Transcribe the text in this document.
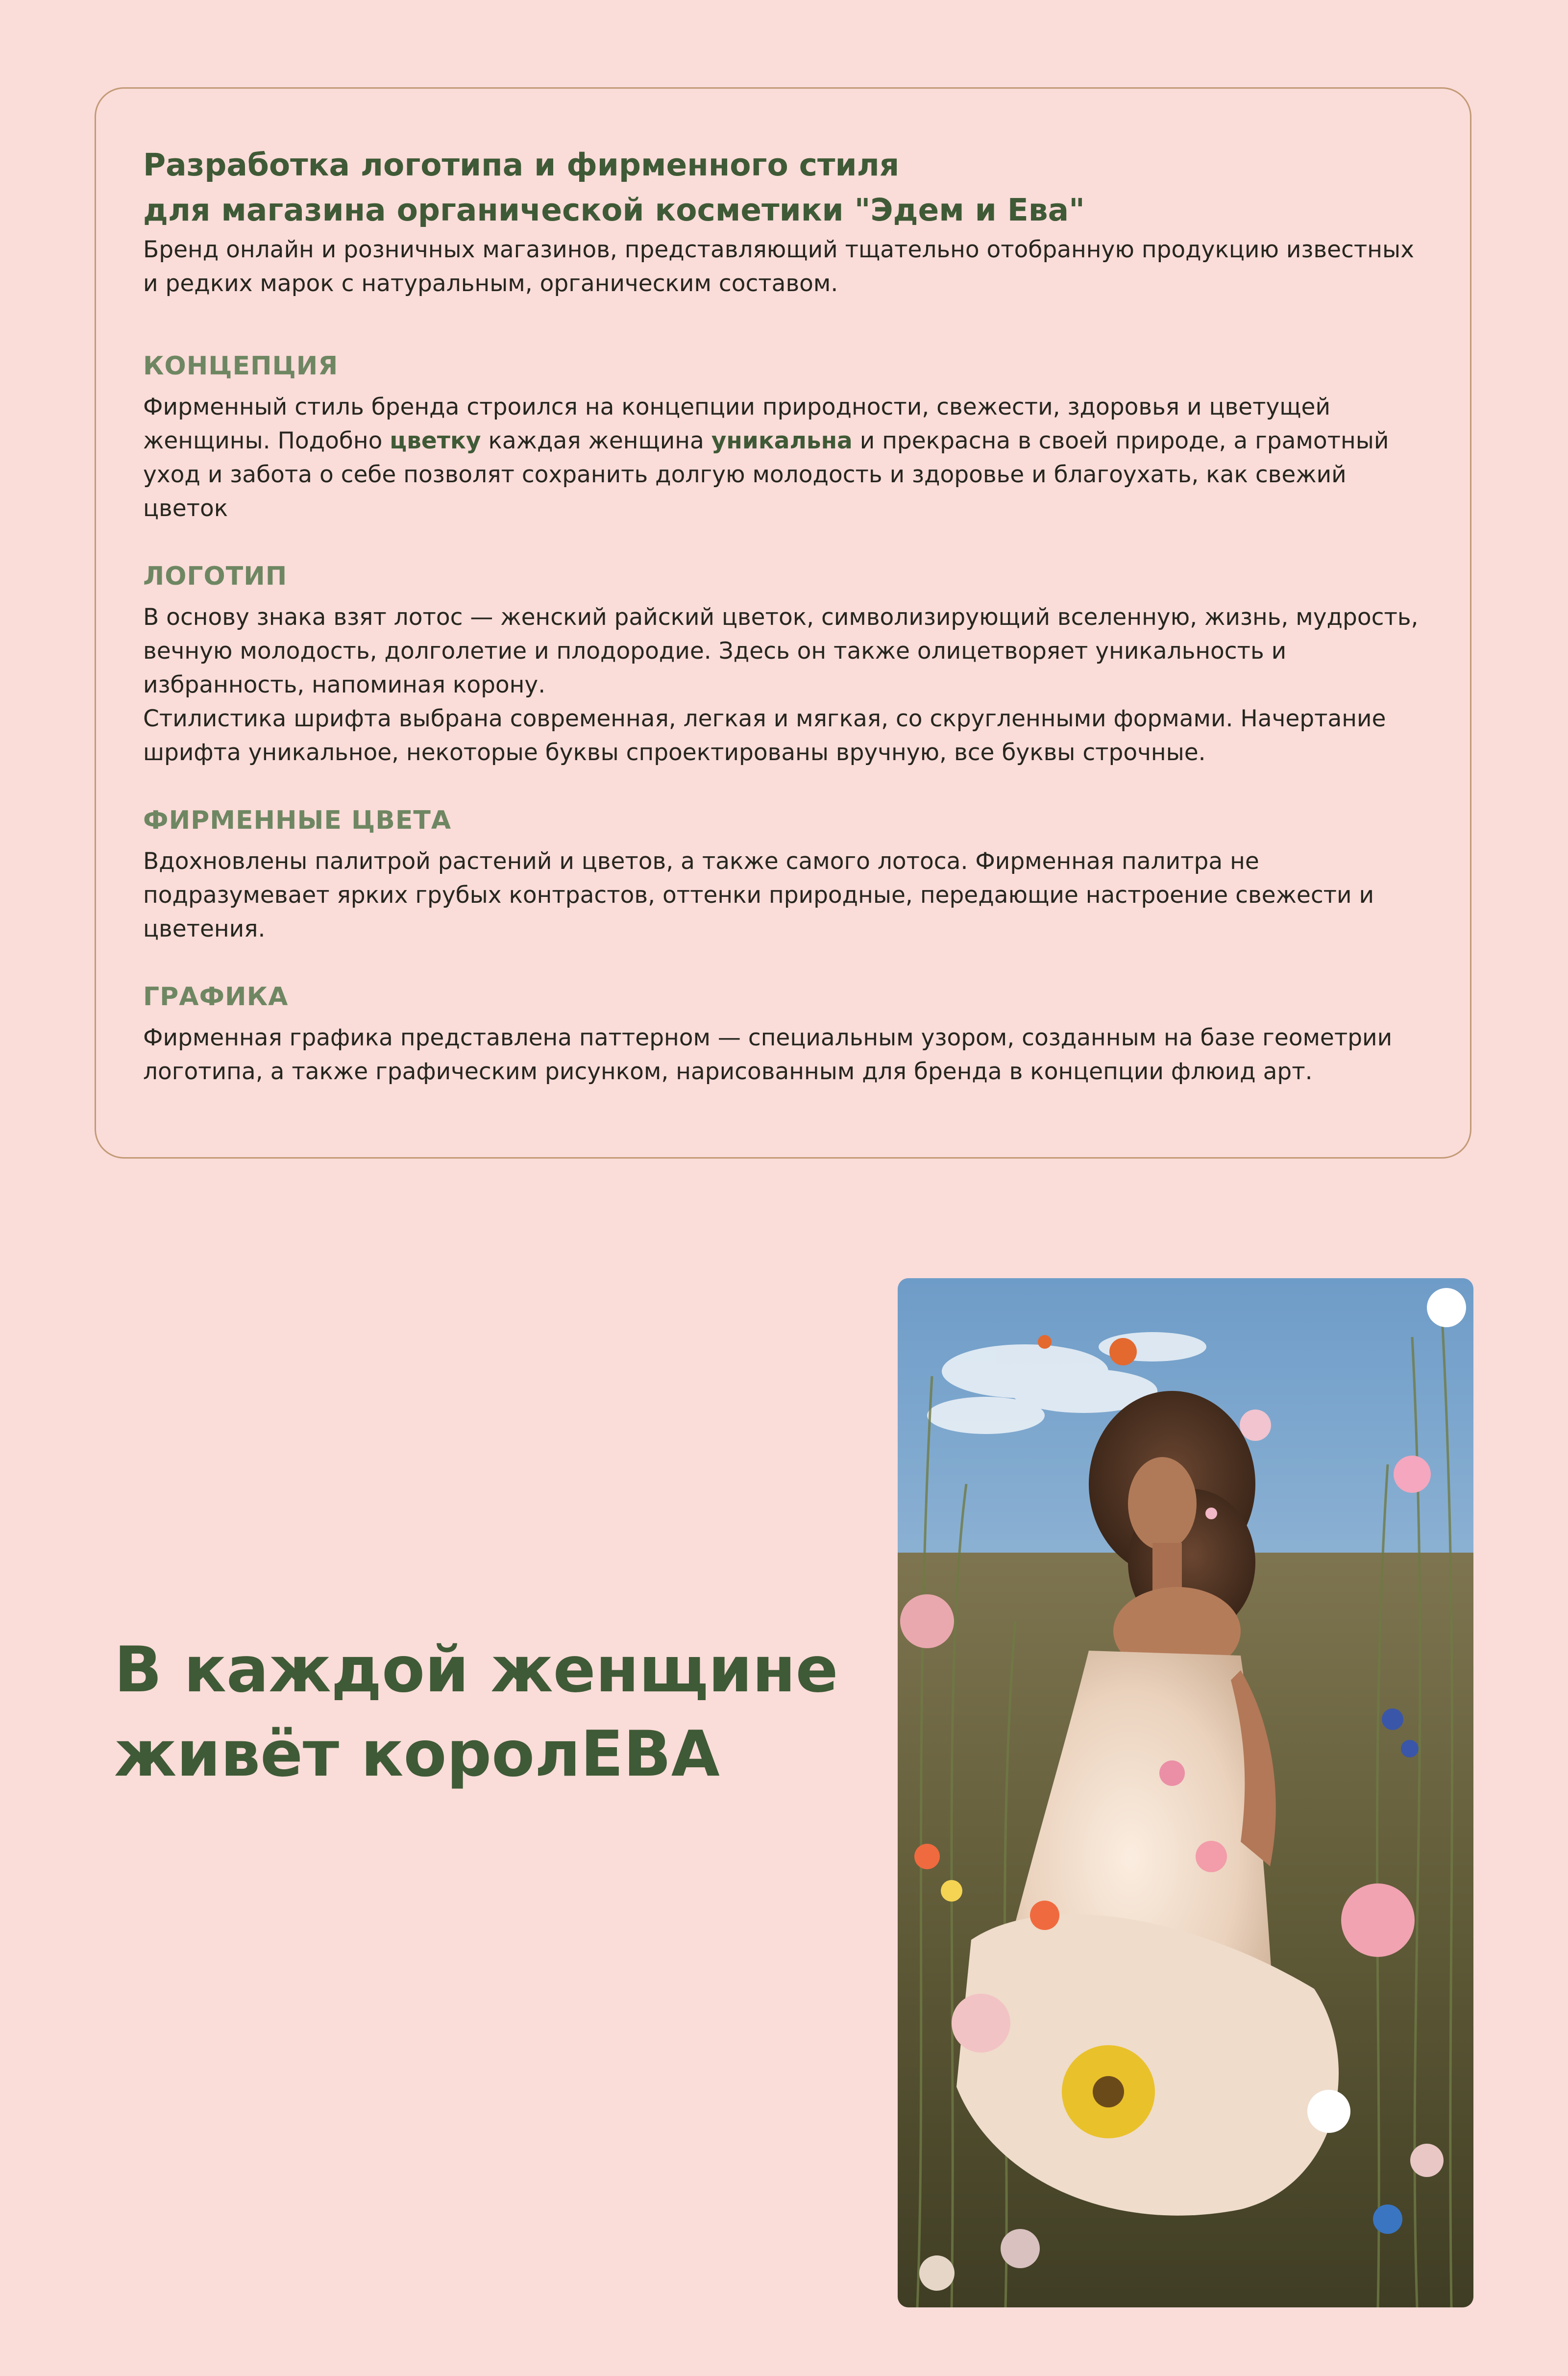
Разработка логотипа и фирменного стиля
для магазина органической косметики "Эдем и Ева"

Бренд онлайн и розничных магазинов, представляющий тщательно отобранную продукцию известных и редких марок с натуральным, органическим составом.

КОНЦЕПЦИЯ

Фирменный стиль бренда строился на концепции природности, свежести, здоровья и цветущей женщины. Подобно цветку каждая женщина уникальна и прекрасна в своей природе, а грамотный уход и забота о себе позволят сохранить долгую молодость и здоровье и благоухать, как свежий цветок

ЛОГОТИП

В основу знака взят лотос — женский райский цветок, символизирующий вселенную, жизнь, мудрость, вечную молодость, долголетие и плодородие. Здесь он также олицетворяет уникальность и избранность, напоминая корону.

Стилистика шрифта выбрана современная, легкая и мягкая, со скругленными формами. Начертание шрифта уникальное, некоторые буквы спроектированы вручную, все буквы строчные.

ФИРМЕННЫЕ ЦВЕТА

Вдохновлены палитрой растений и цветов, а также самого лотоса. Фирменная палитра не подразумевает ярких грубых контрастов, оттенки природные, передающие настроение свежести и цветения.

ГРАФИКА

Фирменная графика представлена паттерном — специальным узором, созданным на базе геометрии логотипа, а также графическим рисунком, нарисованным для бренда в концепции флюид арт.

В каждой женщине
живёт королЕВА
